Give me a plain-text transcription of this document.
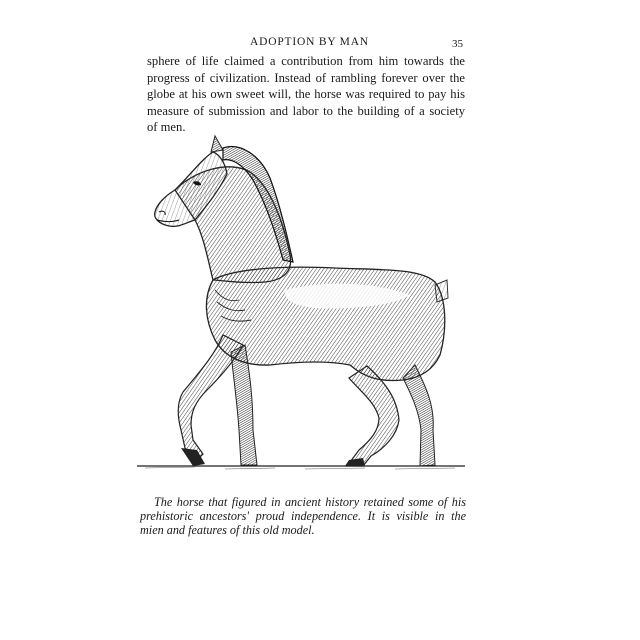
ADOPTION BY MAN	35
sphere of life claimed a contribution from him towards the
progress of civilization. Instead of rambling forever over the
globe at his own sweet will, the horse was required to pay his
measure of submission and labor to the building of a society
of men.
The horse that figured in ancient history retained some of his
prehistoric ancestors' proud independence. It is visible in the
mien and features of this old model.
